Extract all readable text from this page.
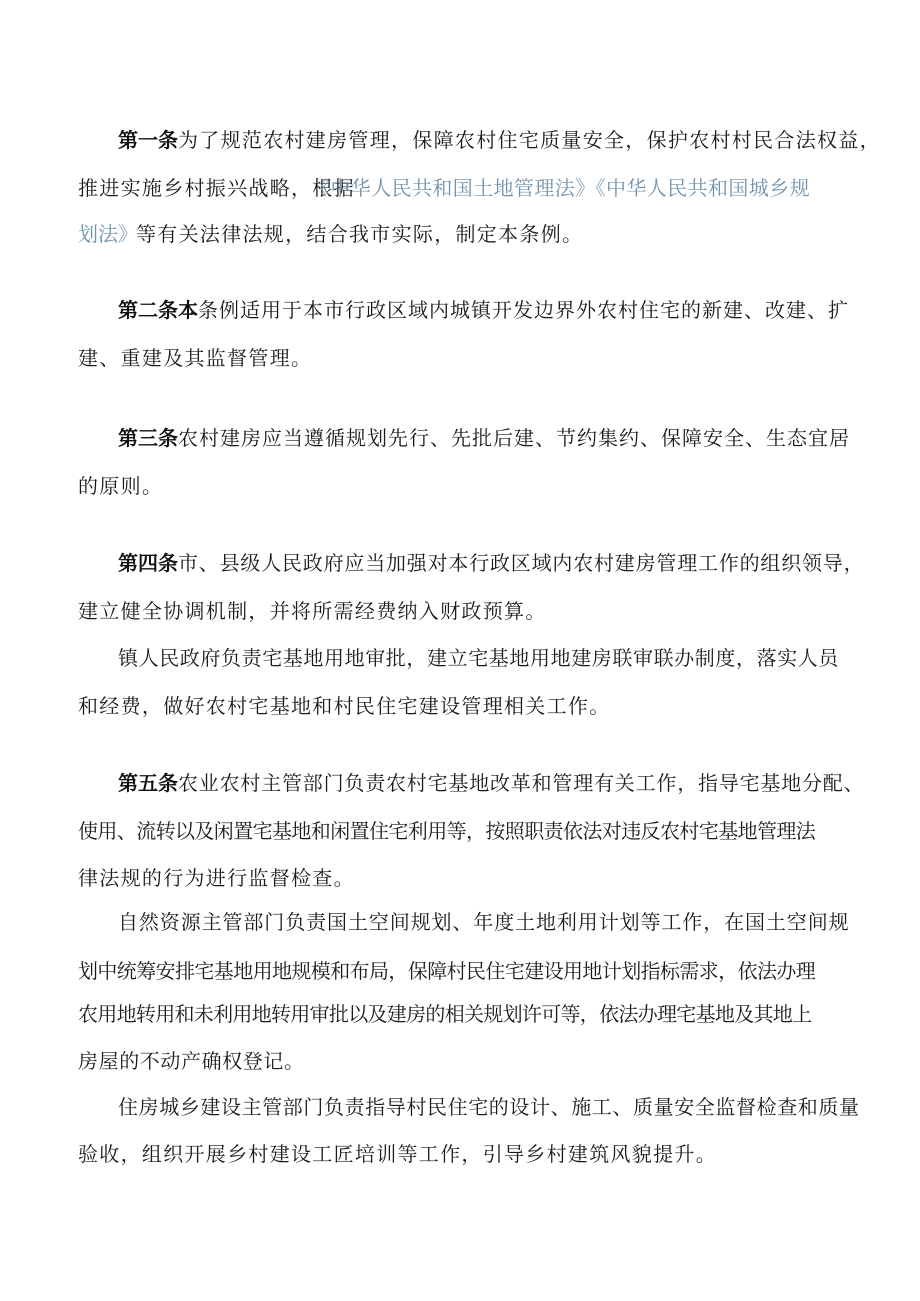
第一条 为了规范农村建房管理，保障农村住宅质量安全，保护农村村民合法权益，
推进实施乡村振兴战略，根据
《中华人民共和国土地管理法》《中华人民共和国城乡规
划法》
等有关法律法规，结合我市实际，制定本条例。
第二条本 条例适用于本市行政区域内城镇开发边界外农村住宅的新建、改建、扩
建、重建及其监督管理。
第三条 农村建房应当遵循规划先行、先批后建、节约集约、保障安全、生态宜居
的原则。
第四条 市、县级人民政府应当加强对本行政区域内农村建房管理工作的组织领导，
建立健全协调机制，并将所需经费纳入财政预算。
镇人民政府负责宅基地用地审批，建立宅基地用地建房联审联办制度，落实人员
和经费，做好农村宅基地和村民住宅建设管理相关工作。
第五条 农业农村主管部门负责农村宅基地改革和管理有关工作，指导宅基地分配、
使用、流转以及闲置宅基地和闲置住宅利用等，按照职责依法对违反农村宅基地管理法
律法规的行为进行监督检查。
自然资源主管部门负责国土空间规划、年度土地利用计划等工作，在国土空间规
划中统筹安排宅基地用地规模和布局，保障村民住宅建设用地计划指标需求，依法办理
农用地转用和未利用地转用审批以及建房的相关规划许可等，依法办理宅基地及其地上
房屋的不动产确权登记。
住房城乡建设主管部门负责指导村民住宅的设计、施工、质量安全监督检查和质量
验收，组织开展乡村建设工匠培训等工作，引导乡村建筑风貌提升。
